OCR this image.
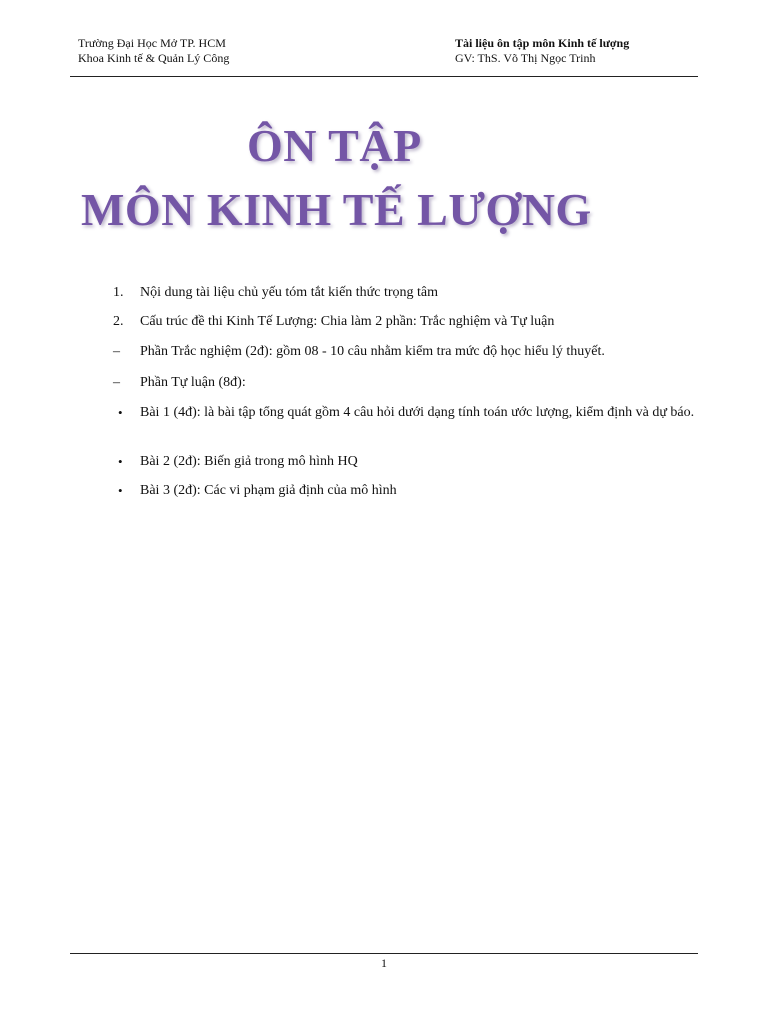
Trường Đại Học Mở TP. HCM
Khoa Kinh tế & Quản Lý Công
Tài liệu ôn tập môn Kinh tế lượng
GV: ThS. Võ Thị Ngọc Trinh
ÔN TẬP
MÔN KINH TẾ LƯỢNG
1. Nội dung tài liệu chủ yếu tóm tắt kiến thức trọng tâm
2. Cấu trúc đề thi Kinh Tế Lượng: Chia làm 2 phần: Trắc nghiệm và Tự luận
– Phần Trắc nghiệm (2đ): gồm 08 - 10 câu nhằm kiểm tra mức độ học hiểu lý thuyết.
– Phần Tự luận (8đ):
• Bài 1 (4đ): là bài tập tổng quát gồm 4 câu hỏi dưới dạng tính toán ước lượng, kiểm định và dự báo.
• Bài 2 (2đ): Biến giả trong mô hình HQ
• Bài 3 (2đ): Các vi phạm giả định của mô hình
1
